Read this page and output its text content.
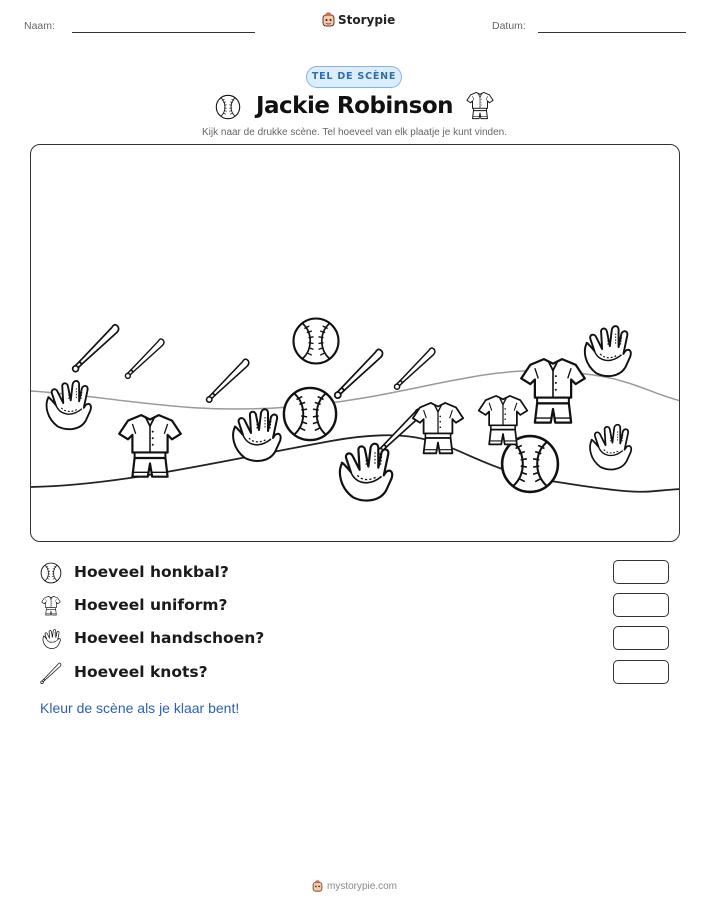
Naam:	Storypie	Datum:
TEL DE SCÈNE
Jackie Robinson
Kijk naar de drukke scène. Tel hoeveel van elk plaatje je kunt vinden.
Hoeveel honkbal?
Hoeveel uniform?
Hoeveel handschoen?
Hoeveel knots?
Kleur de scène als je klaar bent!
mystorypie.com
